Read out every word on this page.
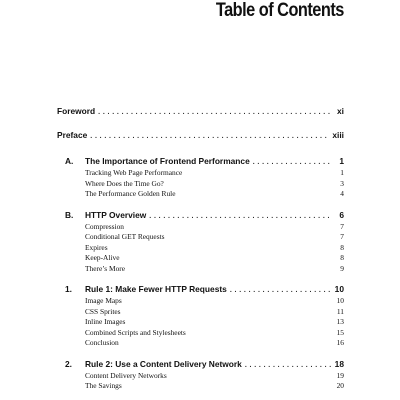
Table of Contents
Foreword . . .	xi
Preface . . .	xiii
A.	The Importance of Frontend Performance . . .	1
Tracking Web Page Performance	1
Where Does the Time Go?	3
The Performance Golden Rule	4
B.	HTTP Overview . . .	6
Compression	7
Conditional GET Requests	7
Expires	8
Keep-Alive	8
There’s More	9
1.	Rule 1: Make Fewer HTTP Requests . . .	10
Image Maps	10
CSS Sprites	11
Inline Images	13
Combined Scripts and Stylesheets	15
Conclusion	16
2.	Rule 2: Use a Content Delivery Network . . .	18
Content Delivery Networks	19
The Savings	20
